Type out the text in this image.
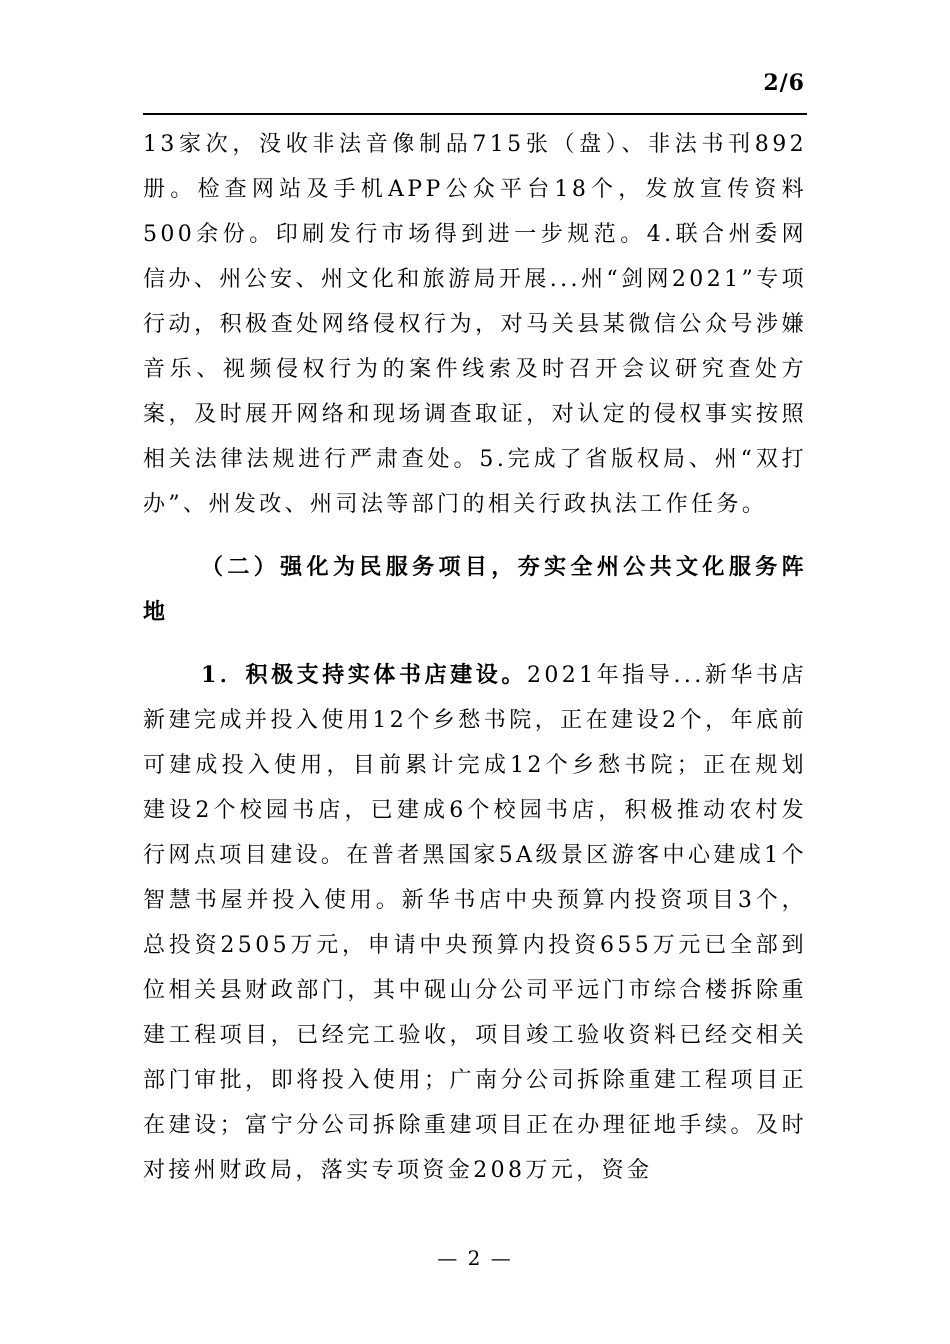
2/6

13家次，没收非法音像制品715张（盘）、非法书刊892册。检查网站及手机APP公众平台18个，发放宣传资料500余份。印刷发行市场得到进一步规范。4.联合州委网信办、州公安、州文化和旅游局开展...州“剑网2021”专项行动，积极查处网络侵权行为，对马关县某微信公众号涉嫌音乐、视频侵权行为的案件线索及时召开会议研究查处方案，及时展开网络和现场调查取证，对认定的侵权事实按照相关法律法规进行严肃查处。5.完成了省版权局、州“双打办”、州发改、州司法等部门的相关行政执法工作任务。

（二）强化为民服务项目，夯实全州公共文化服务阵地

1．积极支持实体书店建设。2021年指导...新华书店新建完成并投入使用12个乡愁书院，正在建设2个，年底前可建成投入使用，目前累计完成12个乡愁书院；正在规划建设2个校园书店，已建成6个校园书店，积极推动农村发行网点项目建设。在普者黑国家5A级景区游客中心建成1个智慧书屋并投入使用。新华书店中央预算内投资项目3个，总投资2505万元，申请中央预算内投资655万元已全部到位相关县财政部门，其中砚山分公司平远门市综合楼拆除重建工程项目，已经完工验收，项目竣工验收资料已经交相关部门审批，即将投入使用；广南分公司拆除重建工程项目正在建设；富宁分公司拆除重建项目正在办理征地手续。及时对接州财政局，落实专项资金208万元，资金

— 2 —
